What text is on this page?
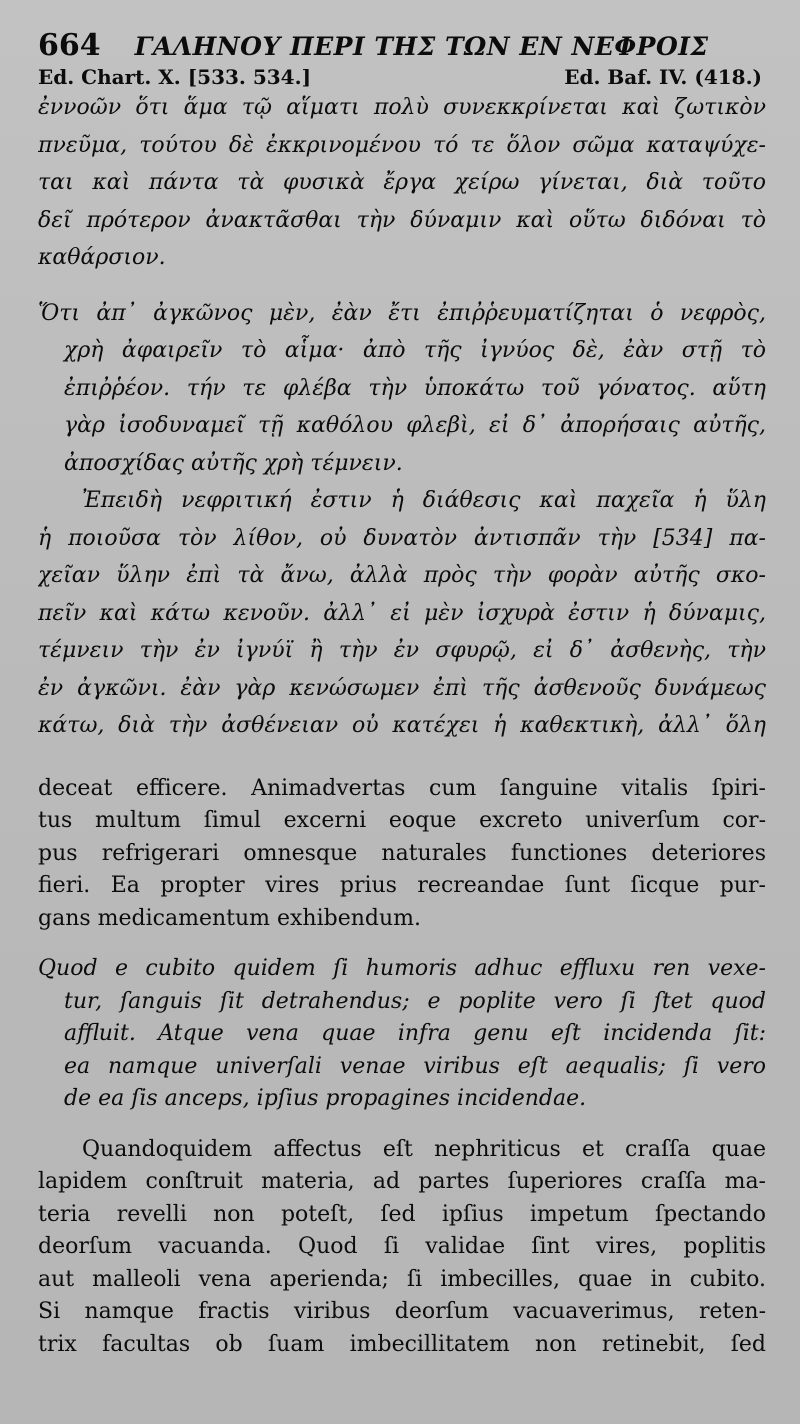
664 ΓΑΛΗΝΟΥ ΠΕΡΙ ΤΗΣ ΤΩΝ ΕΝ ΝΕΦΡΟΙΣ
Ed. Chart. X. [533. 534.]	Ed. Baf. IV. (418.)
ἐννοῶν ὅτι ἅμα τῷ αἵματι πολὺ συνεκκρίνεται καὶ ζωτικὸν
πνεῦμα, τούτου δὲ ἐκκρινομένου τό τε ὅλον σῶμα καταψύχε-
ται καὶ πάντα τὰ φυσικὰ ἔργα χείρω γίνεται, διὰ τοῦτο
δεῖ πρότερον ἀνακτᾶσθαι τὴν δύναμιν καὶ οὕτω διδόναι τὸ
καθάρσιον.
Ὅτι ἀπ᾽ ἀγκῶνος μὲν, ἐὰν ἔτι ἐπιῤῥευματίζηται ὁ νεφρὸς,
χρὴ ἀφαιρεῖν τὸ αἷμα· ἀπὸ τῆς ἰγνύος δὲ, ἐὰν στῇ τὸ
ἐπιῤῥέον. τήν τε φλέβα τὴν ὑποκάτω τοῦ γόνατος. αὕτη
γὰρ ἰσοδυναμεῖ τῇ καθόλου φλεβὶ, εἰ δ᾽ ἀπορήσαις αὐτῆς,
ἀποσχίδας αὐτῆς χρὴ τέμνειν.
Ἐπειδὴ νεφριτική ἐστιν ἡ διάθεσις καὶ παχεῖα ἡ ὕλη
ἡ ποιοῦσα τὸν λίθον, οὐ δυνατὸν ἀντισπᾶν τὴν [534] πα-
χεῖαν ὕλην ἐπὶ τὰ ἄνω, ἀλλὰ πρὸς τὴν φορὰν αὐτῆς σκο-
πεῖν καὶ κάτω κενοῦν. ἀλλ᾽ εἰ μὲν ἰσχυρὰ ἐστιν ἡ δύναμις,
τέμνειν τὴν ἐν ἰγνύϊ ἢ τὴν ἐν σφυρῷ, εἰ δ᾽ ἀσθενὴς, τὴν
ἐν ἀγκῶνι. ἐὰν γὰρ κενώσωμεν ἐπὶ τῆς ἀσθενοῦς δυνάμεως
κάτω, διὰ τὴν ἀσθένειαν οὐ κατέχει ἡ καθεκτικὴ, ἀλλ᾽ ὅλη
deceat efficere. Animadvertas cum ſanguine vitalis ſpiri-
tus multum ſimul excerni eoque excreto univerſum cor-
pus refrigerari omnesque naturales functiones deteriores
fieri. Ea propter vires prius recreandae ſunt ſicque pur-
gans medicamentum exhibendum.
Quod e cubito quidem ſi humoris adhuc effluxu ren vexe-
tur, ſanguis ſit detrahendus; e poplite vero ſi ſtet quod
affluit. Atque vena quae infra genu eſt incidenda ſit:
ea namque univerſali venae viribus eſt aequalis; ſi vero
de ea ſis anceps, ipſius propagines incidendae.
Quandoquidem affectus eſt nephriticus et craſſa quae
lapidem conſtruit materia, ad partes ſuperiores craſſa ma-
teria revelli non poteſt, ſed ipſius impetum ſpectando
deorſum vacuanda. Quod ſi validae ſint vires, poplitis
aut malleoli vena aperienda; ſi imbecilles, quae in cubito.
Si namque fractis viribus deorſum vacuaverimus, reten-
trix facultas ob ſuam imbecillitatem non retinebit, ſed
